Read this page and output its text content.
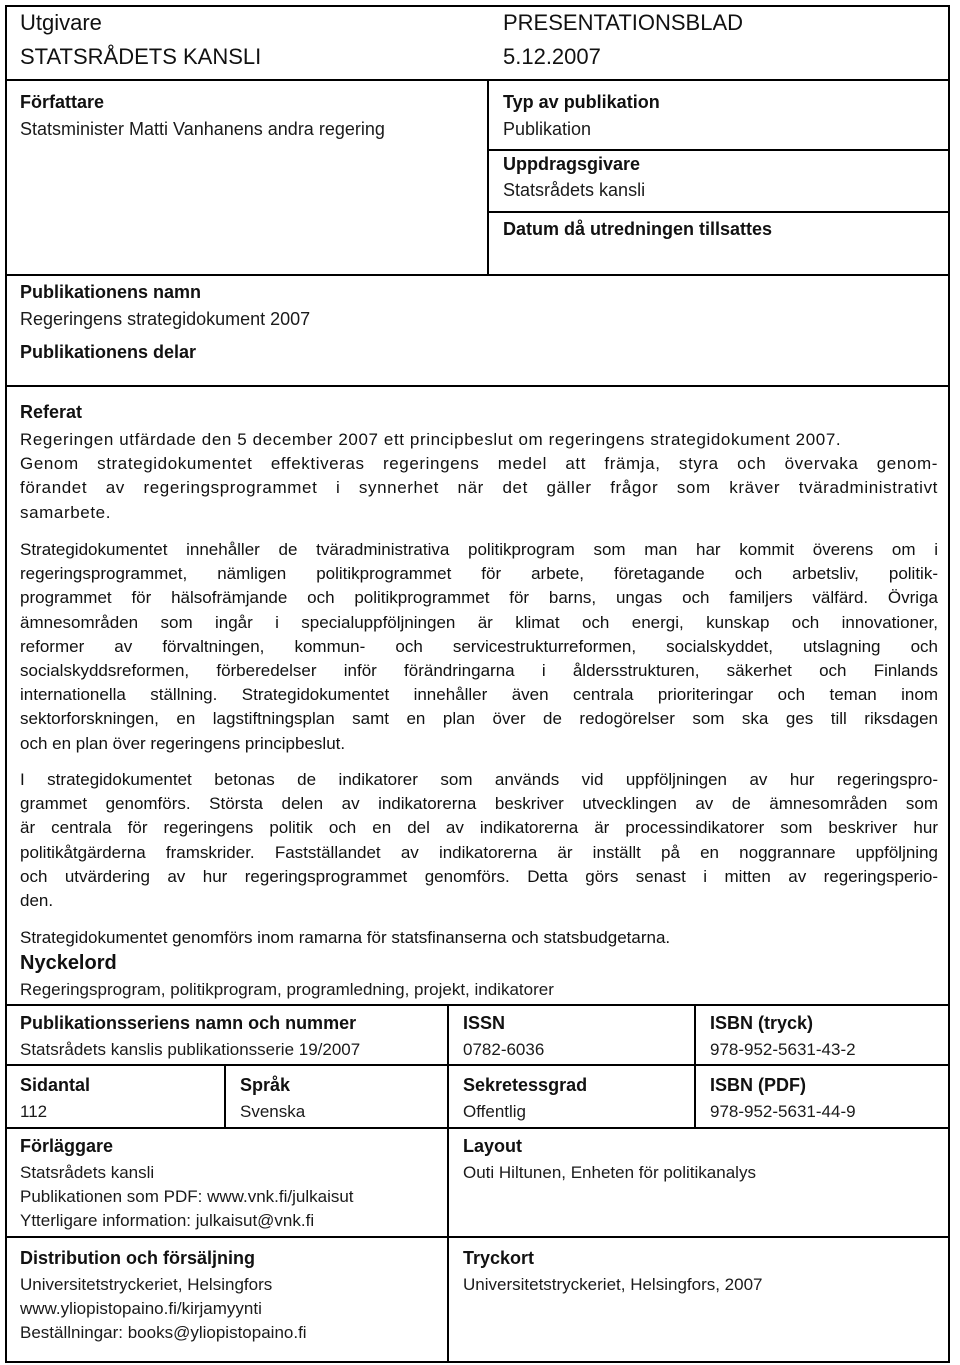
Utgivare
STATSRÅDETS KANSLI
PRESENTATIONSBLAD
5.12.2007
Författare
Statsminister Matti Vanhanens andra regering
Typ av publikation
Publikation
Uppdragsgivare
Statsrådets kansli
Datum då utredningen tillsattes
Publikationens namn
Regeringens strategidokument 2007
Publikationens delar
Referat
Regeringen utfärdade den 5 december 2007 ett principbeslut om regeringens strategidokument 2007.
Genom strategidokumentet effektiveras regeringens medel att främja, styra och övervaka genom-
förandet av regeringsprogrammet i synnerhet när det gäller frågor som kräver tväradministrativt
samarbete.
Strategidokumentet innehåller de tväradministrativa politikprogram som man har kommit överens om i
regeringsprogrammet, nämligen politikprogrammet för arbete, företagande och arbetsliv, politik-
programmet för hälsofrämjande och politikprogrammet för barns, ungas och familjers välfärd. Övriga
ämnesområden som ingår i specialuppföljningen är klimat och energi, kunskap och innovationer,
reformer av förvaltningen, kommun- och servicestrukturreformen, socialskyddet, utslagning och
socialskyddsreformen, förberedelser inför förändringarna i åldersstrukturen, säkerhet och Finlands
internationella ställning. Strategidokumentet innehåller även centrala prioriteringar och teman inom
sektorforskningen, en lagstiftningsplan samt en plan över de redogörelser som ska ges till riksdagen
och en plan över regeringens principbeslut.
I strategidokumentet betonas de indikatorer som används vid uppföljningen av hur regeringspro-
grammet genomförs. Största delen av indikatorerna beskriver utvecklingen av de ämnesområden som
är centrala för regeringens politik och en del av indikatorerna är processindikatorer som beskriver hur
politikåtgärderna framskrider. Fastställandet av indikatorerna är inställt på en noggrannare uppföljning
och utvärdering av hur regeringsprogrammet genomförs. Detta görs senast i mitten av regeringsperio-
den.
Strategidokumentet genomförs inom ramarna för statsfinanserna och statsbudgetarna.
Nyckelord
Regeringsprogram, politikprogram, programledning, projekt, indikatorer
Publikationsseriens namn och nummer
Statsrådets kanslis publikationsserie 19/2007
ISSN
0782-6036
ISBN (tryck)
978-952-5631-43-2
Sidantal
112
Språk
Svenska
Sekretessgrad
Offentlig
ISBN (PDF)
978-952-5631-44-9
Förläggare
Statsrådets kansli
Publikationen som PDF: www.vnk.fi/julkaisut
Ytterligare information: julkaisut@vnk.fi
Layout
Outi Hiltunen, Enheten för politikanalys
Distribution och försäljning
Universitetstryckeriet, Helsingfors
www.yliopistopaino.fi/kirjamyynti
Beställningar: books@yliopistopaino.fi
Tryckort
Universitetstryckeriet, Helsingfors, 2007
